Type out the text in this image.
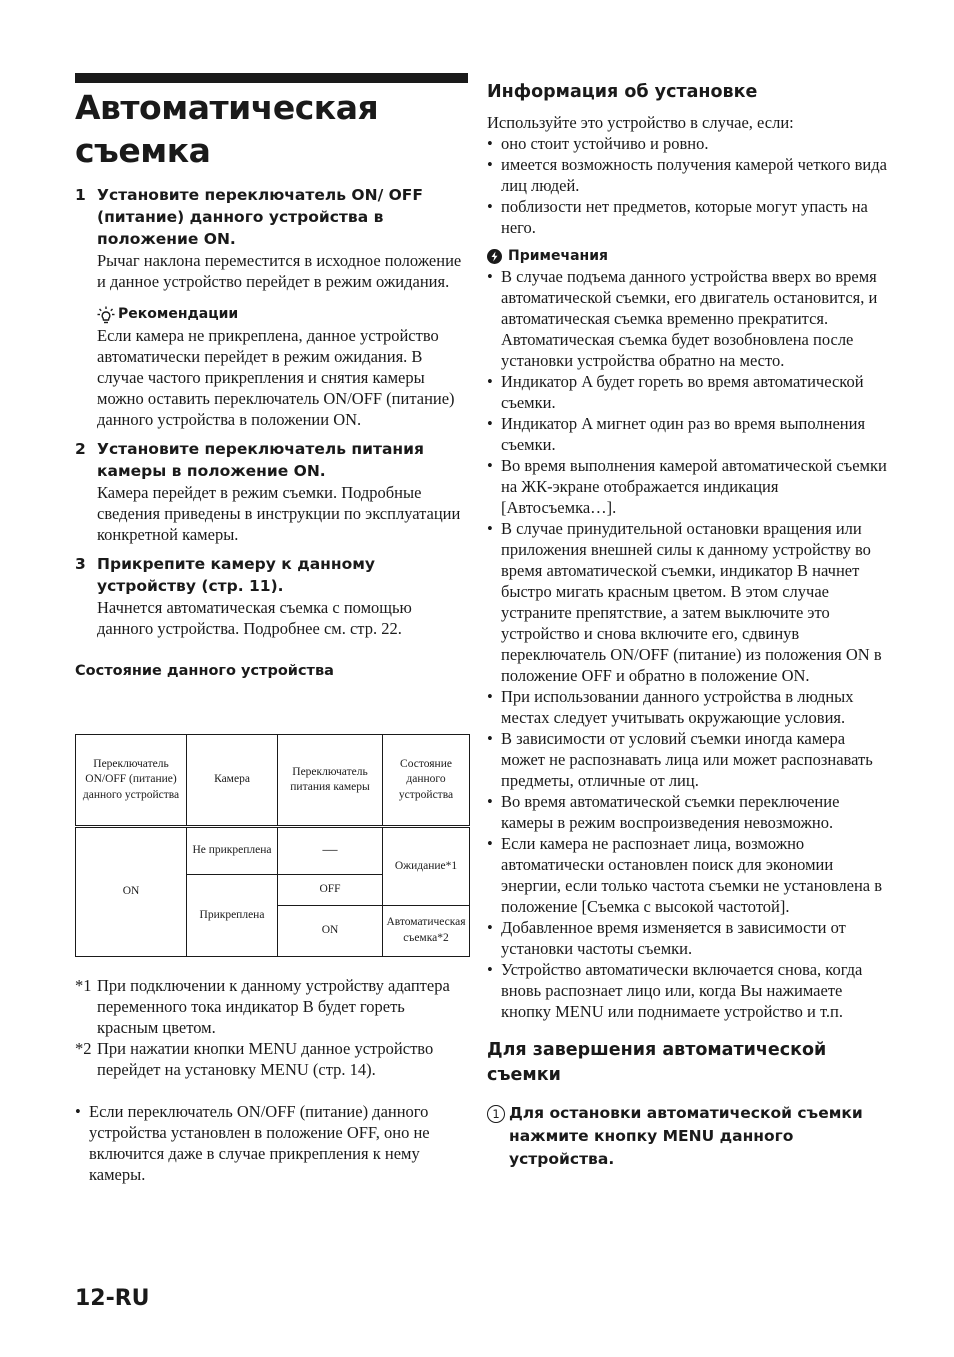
Автоматическая съемка
1 Установите переключатель ON/ OFF (питание) данного устройства в положение ON.
Рычаг наклона переместится в исходное положение и данное устройство перейдет в режим ожидания.
Рекомендации
Если камера не прикреплена, данное устройство автоматически перейдет в режим ожидания. В случае частого прикрепления и снятия камеры можно оставить переключатель ON/OFF (питание) данного устройства в положении ON.
2 Установите переключатель питания камеры в положение ON.
Камера перейдет в режим съемки. Подробные сведения приведены в инструкции по эксплуатации конкретной камеры.
3 Прикрепите камеру к данному устройству (стр. 11).
Начнется автоматическая съемка с помощью данного устройства. Подробнее см. стр. 22.
Состояние данного устройства
Переключатель ON/OFF (питание) данного устройства	Камера	Переключатель питания камеры	Состояние данного устройства
ON	Не прикреплена	—	Ожидание*1
	Прикреплена	OFF	
		ON	Автоматическая съемка*2
*1 При подключении к данному устройству адаптера переменного тока индикатор B будет гореть красным цветом.
*2 При нажатии кнопки MENU данное устройство перейдет на установку MENU (стр. 14).
• Если переключатель ON/OFF (питание) данного устройства установлен в положение OFF, оно не включится даже в случае прикрепления к нему камеры.
Информация об установке
Используйте это устройство в случае, если:
• оно стоит устойчиво и ровно.
• имеется возможность получения камерой четкого вида лиц людей.
• поблизости нет предметов, которые могут упасть на него.
Примечания
• В случае подъема данного устройства вверх во время автоматической съемки, его двигатель остановится, и автоматическая съемка временно прекратится. Автоматическая съемка будет возобновлена после установки устройства обратно на место.
• Индикатор A будет гореть во время автоматической съемки.
• Индикатор A мигнет один раз во время выполнения съемки.
• Во время выполнения камерой автоматической съемки на ЖК-экране отображается индикация [Автосъемка…].
• В случае принудительной остановки вращения или приложения внешней силы к данному устройству во время автоматической съемки, индикатор B начнет быстро мигать красным цветом. В этом случае устраните препятствие, а затем выключите это устройство и снова включите его, сдвинув переключатель ON/OFF (питание) из положения ON в положение OFF и обратно в положение ON.
• При использовании данного устройства в людных местах следует учитывать окружающие условия.
• В зависимости от условий съемки иногда камера может не распознавать лица или может распознавать предметы, отличные от лиц.
• Во время автоматической съемки переключение камеры в режим воспроизведения невозможно.
• Если камера не распознает лица, возможно автоматически остановлен поиск для экономии энергии, если только частота съемки не установлена в положение [Съемка с высокой частотой].
• Добавленное время изменяется в зависимости от установки частоты съемки.
• Устройство автоматически включается снова, когда вновь распознает лицо или, когда Вы нажимаете кнопку MENU или поднимаете устройство и т.п.
Для завершения автоматической съемки
1 Для остановки автоматической съемки нажмите кнопку MENU данного устройства.
12-RU
